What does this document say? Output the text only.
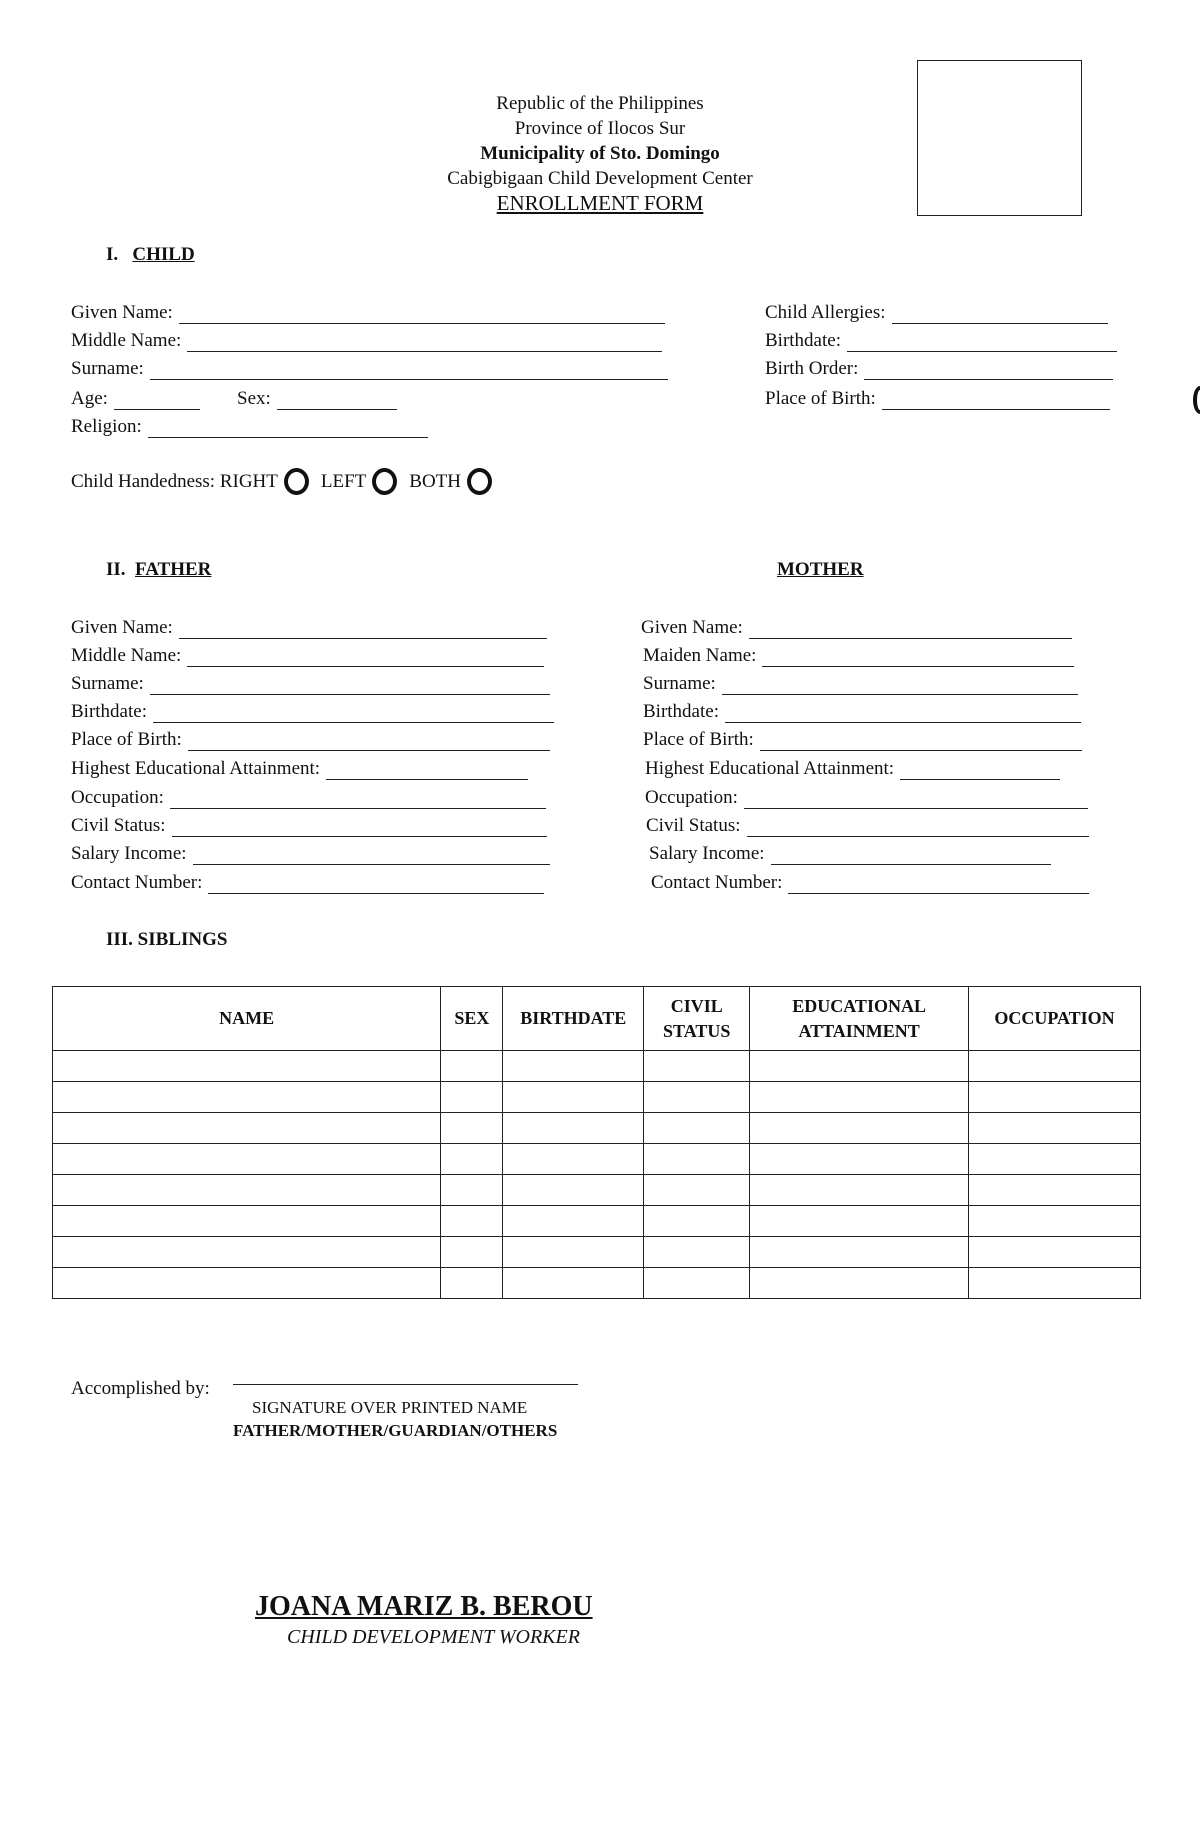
Republic of the Philippines
Province of Ilocos Sur
Municipality of Sto. Domingo
Cabigbigaan Child Development Center
ENROLLMENT FORM
I. CHILD
Given Name:
Middle Name:
Surname:
Age:	Sex:
Religion:
Child Allergies:
Birthdate:
Birth Order:
Place of Birth:
Child Handedness:
RIGHT LEFT BOTH
II. FATHER	MOTHER
Given Name:
Middle Name:
Surname:
Birthdate:
Place of Birth:
Highest Educational Attainment:
Occupation:
Civil Status:
Salary Income:
Contact Number:
Given Name:
Maiden Name:
Surname:
Birthdate:
Place of Birth:
Highest Educational Attainment:
Occupation:
Civil Status:
Salary Income:
Contact Number:
III. SIBLINGS
NAME	SEX	BIRTHDATE	CIVIL STATUS	EDUCATIONAL ATTAINMENT	OCCUPATION

Accomplished by:
SIGNATURE OVER PRINTED NAME
FATHER/MOTHER/GUARDIAN/OTHERS
JOANA MARIZ B. BEROU
CHILD DEVELOPMENT WORKER
